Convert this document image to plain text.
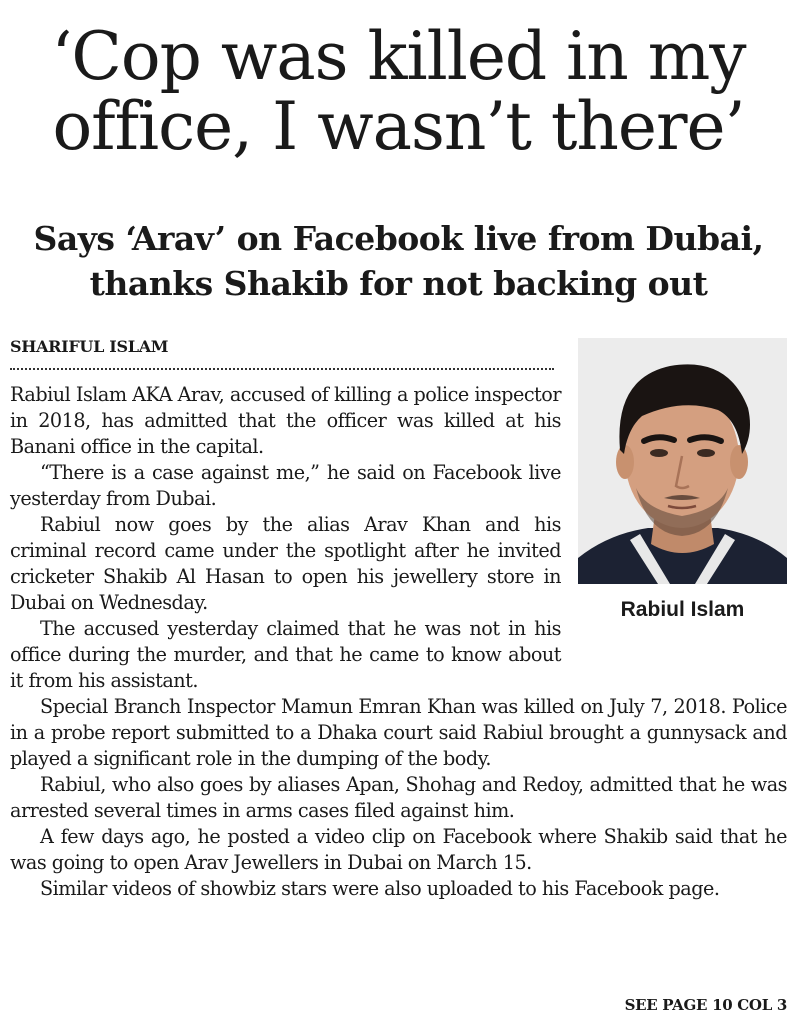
‘Cop was killed in my
office, I wasn’t there’
Says ‘Arav’ on Facebook live from Dubai,
thanks Shakib for not backing out
SHARIFUL ISLAM
Rabiul Islam

Rabiul Islam AKA Arav, accused of killing a police inspector in 2018, has admitted that the officer was killed at his Banani office in the capital.

“There is a case against me,” he said on Facebook live yesterday from Dubai.

Rabiul now goes by the alias Arav Khan and his criminal record came under the spotlight after he invited cricketer Shakib Al Hasan to open his jewellery store in Dubai on Wednesday.

The accused yesterday claimed that he was not in his office during the murder, and that he came to know about it from his assistant.

Special Branch Inspector Mamun Emran Khan was killed on July 7, 2018. Police in a probe report submitted to a Dhaka court said Rabiul brought a gunnysack and played a significant role in the dumping of the body.

Rabiul, who also goes by aliases Apan, Shohag and Redoy, admitted that he was arrested several times in arms cases filed against him.

A few days ago, he posted a video clip on Facebook where Shakib said that he was going to open Arav Jewellers in Dubai on March 15.

Similar videos of showbiz stars were also uploaded to his Facebook page.

SEE PAGE 10 COL 3
